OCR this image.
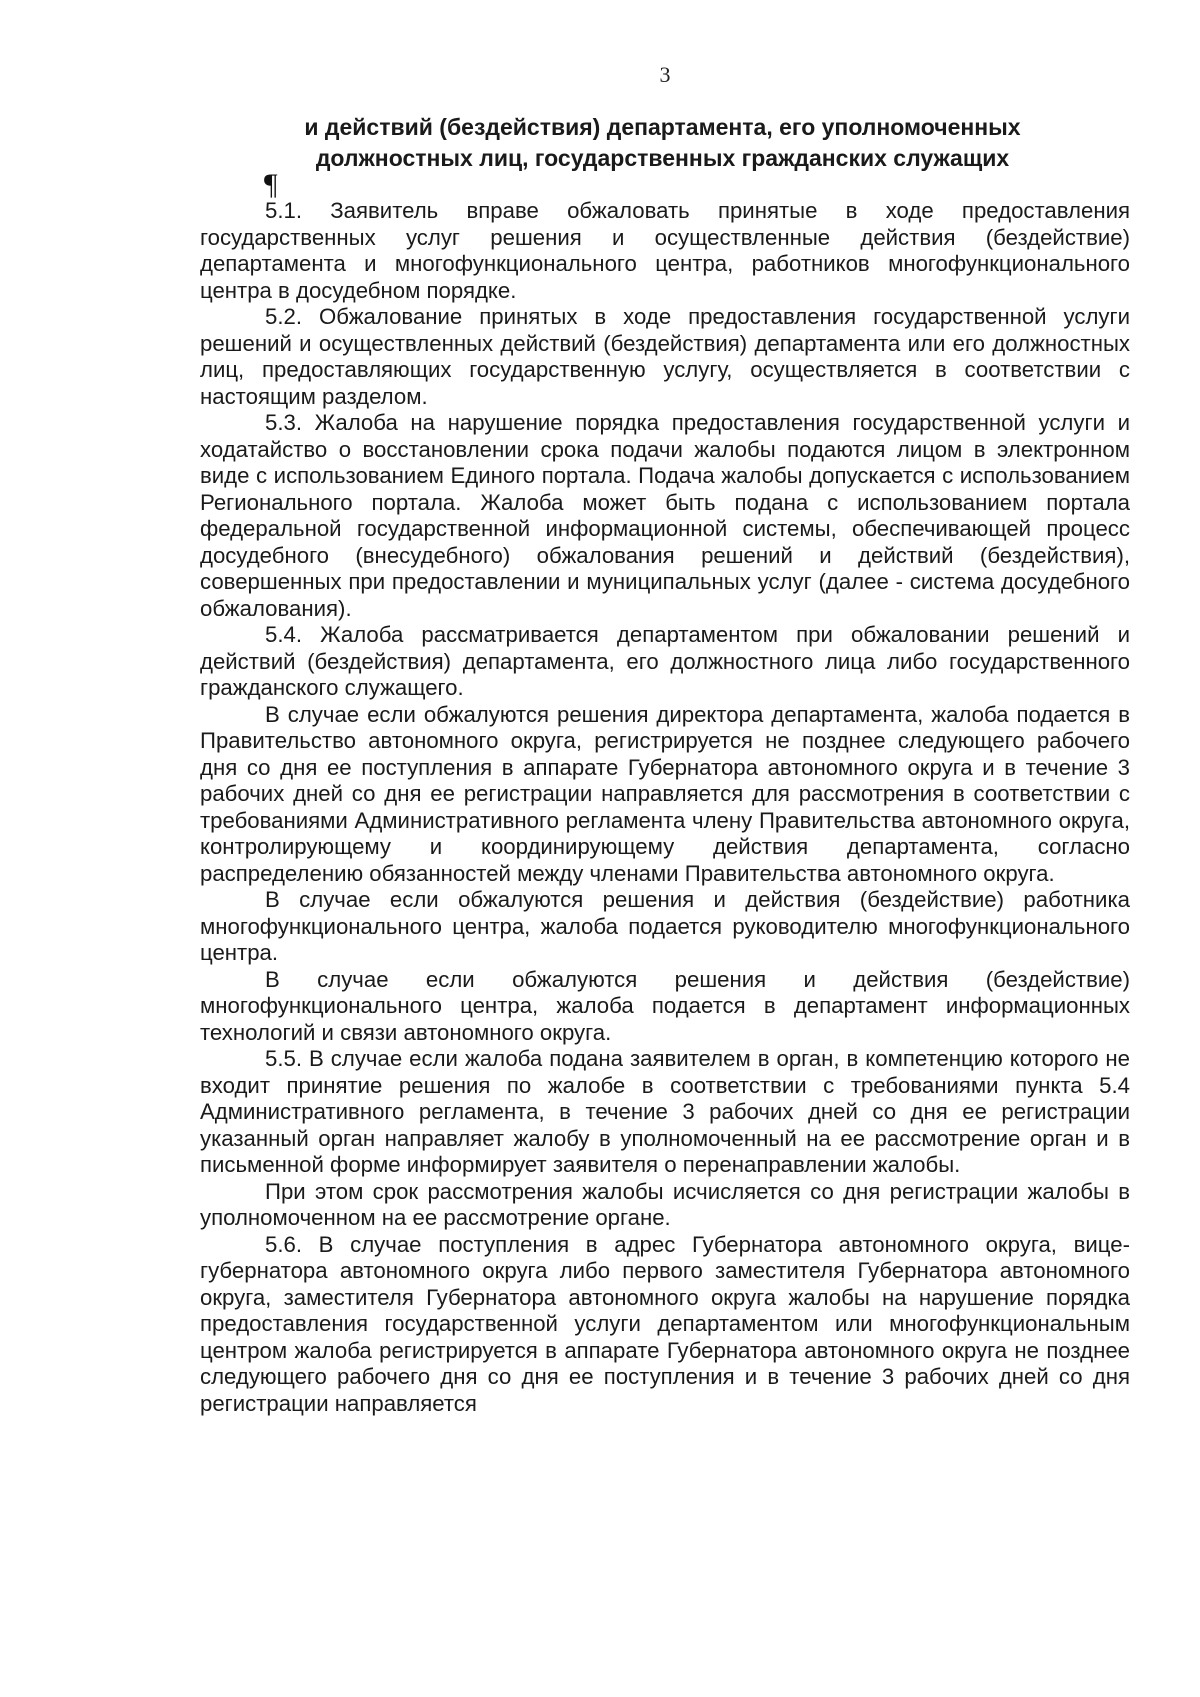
3
и действий (бездействия) департамента, его уполномоченных
должностных лиц, государственных гражданских служащих
¶

5.1. Заявитель вправе обжаловать принятые в ходе предоставления государственных услуг решения и осуществленные действия (бездействие) департамента и многофункционального центра, работников многофункционального центра в досудебном порядке.

5.2. Обжалование принятых в ходе предоставления государственной услуги решений и осуществленных действий (бездействия) департамента или его должностных лиц, предоставляющих государственную услугу, осуществляется в соответствии с настоящим разделом.

5.3. Жалоба на нарушение порядка предоставления государственной услуги и ходатайство о восстановлении срока подачи жалобы подаются лицом в электронном виде с использованием Единого портала. Подача жалобы допускается с использованием Регионального портала. Жалоба может быть подана с использованием портала федеральной государственной информационной системы, обеспечивающей процесс досудебного (внесудебного) обжалования решений и действий (бездействия), совершенных при предоставлении и муниципальных услуг (далее - система досудебного обжалования).

5.4. Жалоба рассматривается департаментом при обжаловании решений и действий (бездействия) департамента, его должностного лица либо государственного гражданского служащего.

В случае если обжалуются решения директора департамента, жалоба подается в Правительство автономного округа, регистрируется не позднее следующего рабочего дня со дня ее поступления в аппарате Губернатора автономного округа и в течение 3 рабочих дней со дня ее регистрации направляется для рассмотрения в соответствии с требованиями Административного регламента члену Правительства автономного округа, контролирующему и координирующему действия департамента, согласно распределению обязанностей между членами Правительства автономного округа.

В случае если обжалуются решения и действия (бездействие) работника многофункционального центра, жалоба подается руководителю многофункционального центра.

В случае если обжалуются решения и действия (бездействие) многофункционального центра, жалоба подается в департамент информационных технологий и связи автономного округа.

5.5. В случае если жалоба подана заявителем в орган, в компетенцию которого не входит принятие решения по жалобе в соответствии с требованиями пункта 5.4 Административного регламента, в течение 3 рабочих дней со дня ее регистрации указанный орган направляет жалобу в уполномоченный на ее рассмотрение орган и в письменной форме информирует заявителя о перенаправлении жалобы.

При этом срок рассмотрения жалобы исчисляется со дня регистрации жалобы в уполномоченном на ее рассмотрение органе.

5.6. В случае поступления в адрес Губернатора автономного округа, вице-губернатора автономного округа либо первого заместителя Губернатора автономного округа, заместителя Губернатора автономного округа жалобы на нарушение порядка предоставления государственной услуги департаментом или многофункциональным центром жалоба регистрируется в аппарате Губернатора автономного округа не позднее следующего рабочего дня со дня ее поступления и в течение 3 рабочих дней со дня регистрации направляется
